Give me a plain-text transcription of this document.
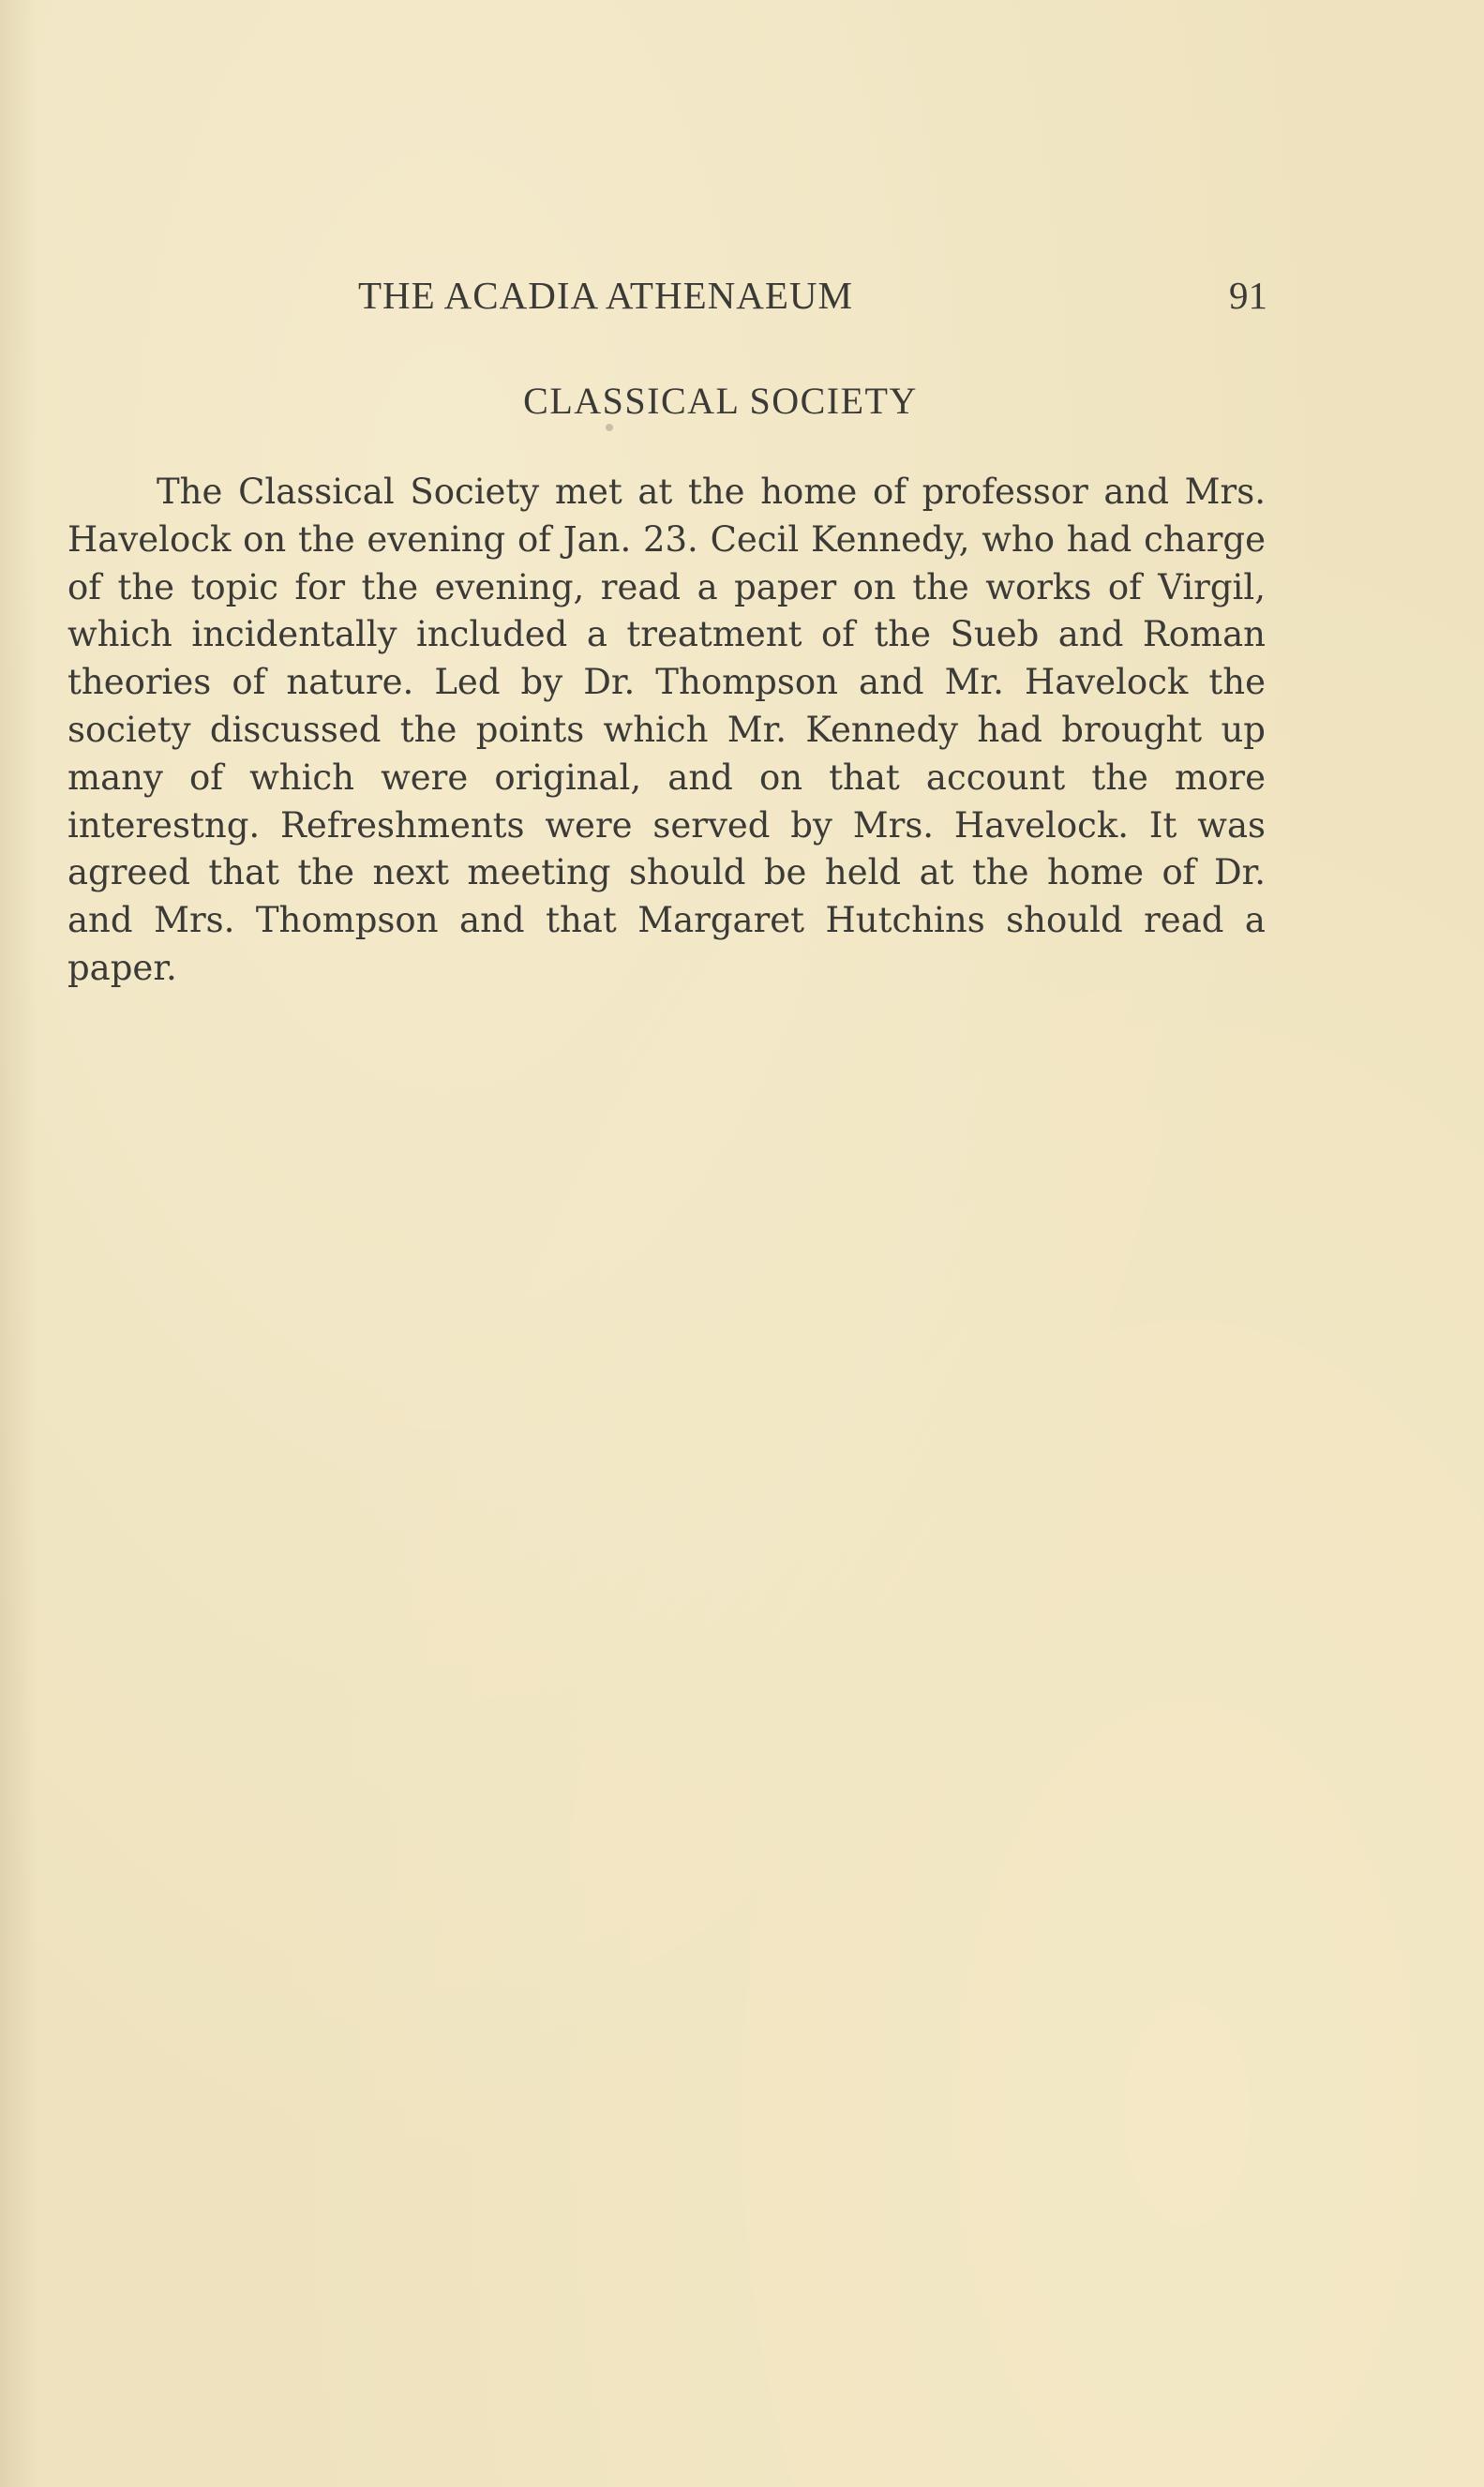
THE ACADIA ATHENAEUM	91
CLASSICAL SOCIETY

The Classical Society met at the home of professor and Mrs. Havelock on the evening of Jan. 23. Cecil Kennedy, who had charge of the topic for the evening, read a paper on the works of Virgil, which incidentally included a treatment of the Sueb and Roman theories of nature. Led by Dr. Thompson and Mr. Havelock the society discussed the points which Mr. Kennedy had brought up many of which were original, and on that account the more interestng. Refreshments were served by Mrs. Havelock. It was agreed that the next meeting should be held at the home of Dr. and Mrs. Thompson and that Margaret Hutchins should read a paper.
